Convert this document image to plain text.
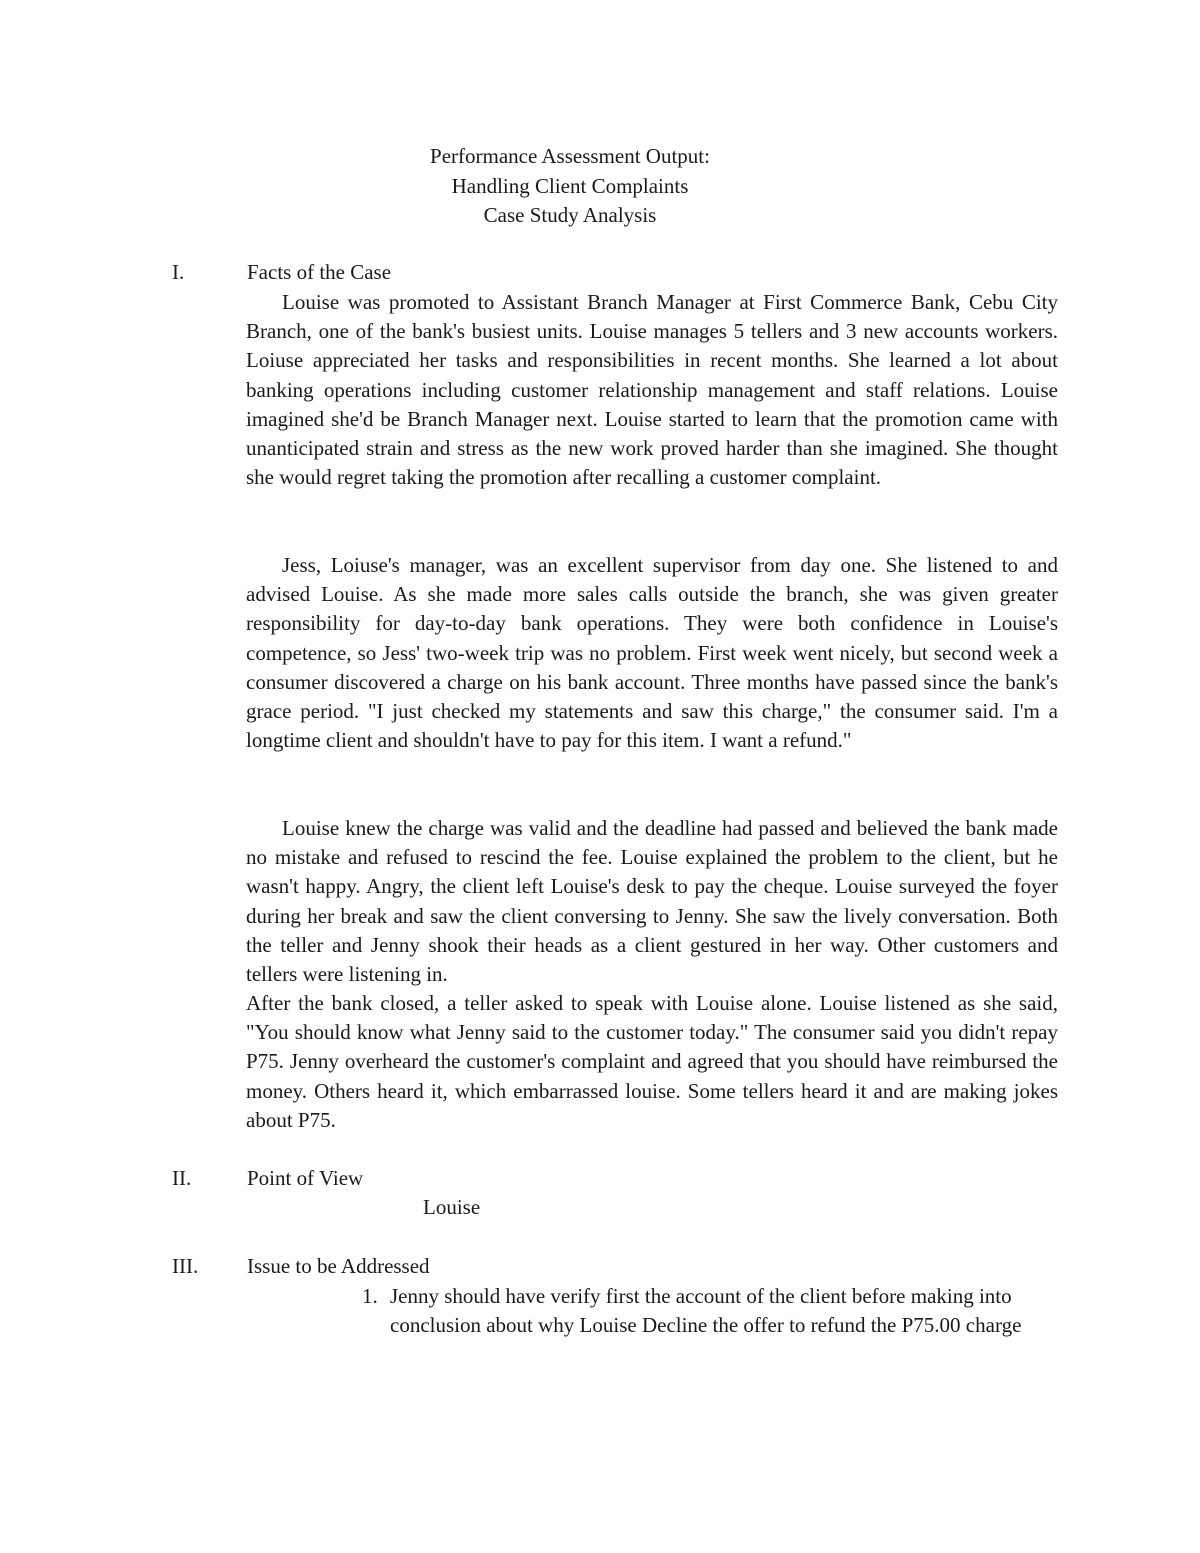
Performance Assessment Output:
Handling Client Complaints
Case Study Analysis
I.	Facts of the Case

Louise was promoted to Assistant Branch Manager at First Commerce Bank, Cebu City Branch, one of the bank's busiest units. Louise manages 5 tellers and 3 new accounts workers. Loiuse appreciated her tasks and responsibilities in recent months. She learned a lot about banking operations including customer relationship management and staff relations. Louise imagined she'd be Branch Manager next. Louise started to learn that the promotion came with unanticipated strain and stress as the new work proved harder than she imagined. She thought she would regret taking the promotion after recalling a customer complaint.

Jess, Loiuse's manager, was an excellent supervisor from day one. She listened to and advised Louise. As she made more sales calls outside the branch, she was given greater responsibility for day-to-day bank operations. They were both confidence in Louise's competence, so Jess' two-week trip was no problem. First week went nicely, but second week a consumer discovered a charge on his bank account. Three months have passed since the bank's grace period. "I just checked my statements and saw this charge," the consumer said. I'm a longtime client and shouldn't have to pay for this item. I want a refund."

Louise knew the charge was valid and the deadline had passed and believed the bank made no mistake and refused to rescind the fee. Louise explained the problem to the client, but he wasn't happy. Angry, the client left Louise's desk to pay the cheque. Louise surveyed the foyer during her break and saw the client conversing to Jenny. She saw the lively conversation. Both the teller and Jenny shook their heads as a client gestured in her way. Other customers and tellers were listening in.

After the bank closed, a teller asked to speak with Louise alone. Louise listened as she said, "You should know what Jenny said to the customer today." The consumer said you didn't repay P75. Jenny overheard the customer's complaint and agreed that you should have reimbursed the money. Others heard it, which embarrassed louise. Some tellers heard it and are making jokes about P75.

II.	Point of View
Louise
III. Issue to be Addressed
1. Jenny should have verify first the account of the client before making into conclusion about why Louise Decline the offer to refund the P75.00 charge
